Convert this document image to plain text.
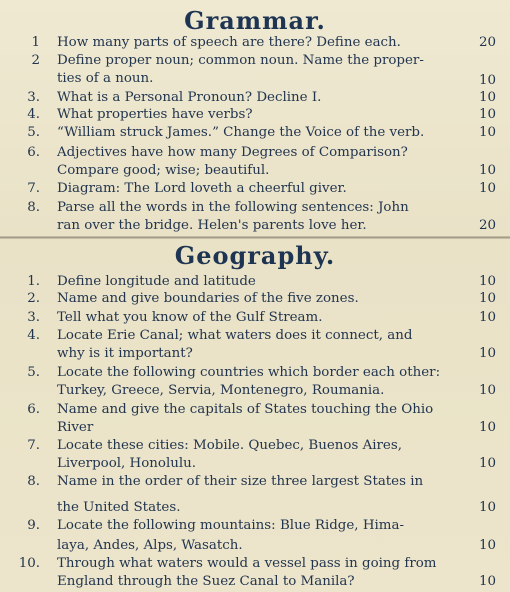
Grammar.
1 How many parts of speech are there? Define each.	20
2 Define proper noun; common noun. Name the proper-
ties of a noun.	10
3. What is a Personal Pronoun? Decline I.	10
4. What properties have verbs?	10
5. “William struck James.” Change the Voice of the verb.	10
6. Adjectives have how many Degrees of Comparison?
Compare good; wise; beautiful.	10
7. Diagram: The Lord loveth a cheerful giver.	10
8. Parse all the words in the following sentences: John
ran over the bridge. Helen's parents love her.	20
Geography.
1. Define longitude and latitude	10
2. Name and give boundaries of the five zones.	10
3. Tell what you know of the Gulf Stream.	10
4. Locate Erie Canal; what waters does it connect, and
why is it important?	10
5. Locate the following countries which border each other:
Turkey, Greece, Servia, Montenegro, Roumania.	10
6. Name and give the capitals of States touching the Ohio
River	10
7. Locate these cities: Mobile. Quebec, Buenos Aires,
Liverpool, Honolulu.	10
8. Name in the order of their size three largest States in
the United States.	10
9. Locate the following mountains: Blue Ridge, Hima-
laya, Andes, Alps, Wasatch.	10
10. Through what waters would a vessel pass in going from
England through the Suez Canal to Manila?	10
